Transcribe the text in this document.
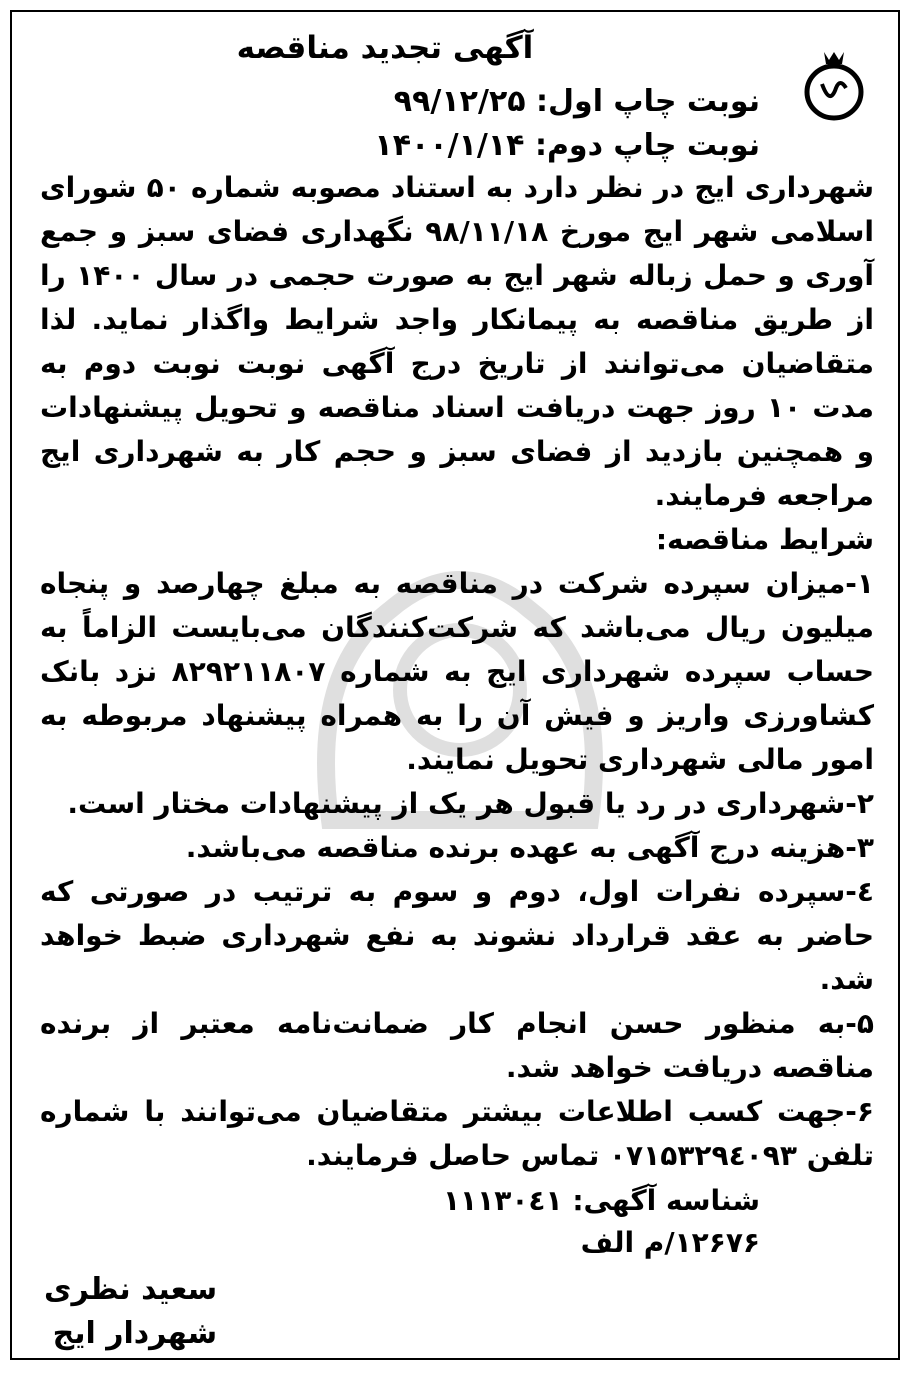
آگهی تجدید مناقصه
نوبت چاپ اول: ۹۹/۱۲/۲۵
نوبت چاپ دوم: ۱۴۰۰/۱/۱۴

شهرداری ایج در نظر دارد به استناد مصوبه شماره ۵۰ شورای اسلامی شهر ایج مورخ ۹۸/۱۱/۱۸ نگهداری فضای سبز و جمع آوری و حمل زباله شهر ایج به صورت حجمی در سال ۱۴۰۰ را از طریق مناقصه به پیمانکار واجد شرایط واگذار نماید. لذا متقاضیان می‌توانند از تاریخ درج آگهی نوبت نوبت دوم به مدت ۱۰ روز جهت دریافت اسناد مناقصه و تحویل پیشنهادات و همچنین بازدید از فضای سبز و حجم کار به شهرداری ایج مراجعه فرمایند.

شرایط مناقصه:

۱-میزان سپرده شرکت در مناقصه به مبلغ چهارصد و پنجاه میلیون ریال می‌باشد که شرکت‌کنندگان می‌بایست الزاماً به حساب سپرده شهرداری ایج به شماره ۸۲۹۲۱۱۸۰۷ نزد بانک کشاورزی واریز و فیش آن را به همراه پیشنهاد مربوطه به امور مالی شهرداری تحویل نمایند.

۲-شهرداری در رد یا قبول هر یک از پیشنهادات مختار است.

۳-هزینه درج آگهی به عهده برنده مناقصه می‌باشد.

٤-سپرده نفرات اول، دوم و سوم به ترتیب در صورتی که حاضر به عقد قرارداد نشوند به نفع شهرداری ضبط خواهد شد.

۵-به منظور حسن انجام کار ضمانت‌نامه معتبر از برنده مناقصه دریافت خواهد شد.

۶-جهت کسب اطلاعات بیشتر متقاضیان می‌توانند با شماره تلفن ۰۷۱۵۳۲۹٤۰۹۳ تماس حاصل فرمایند.

شناسه آگهی: ۱۱۱۳۰٤۱
۱۲۶۷۶/م الف
سعید نظری
شهردار ایج
